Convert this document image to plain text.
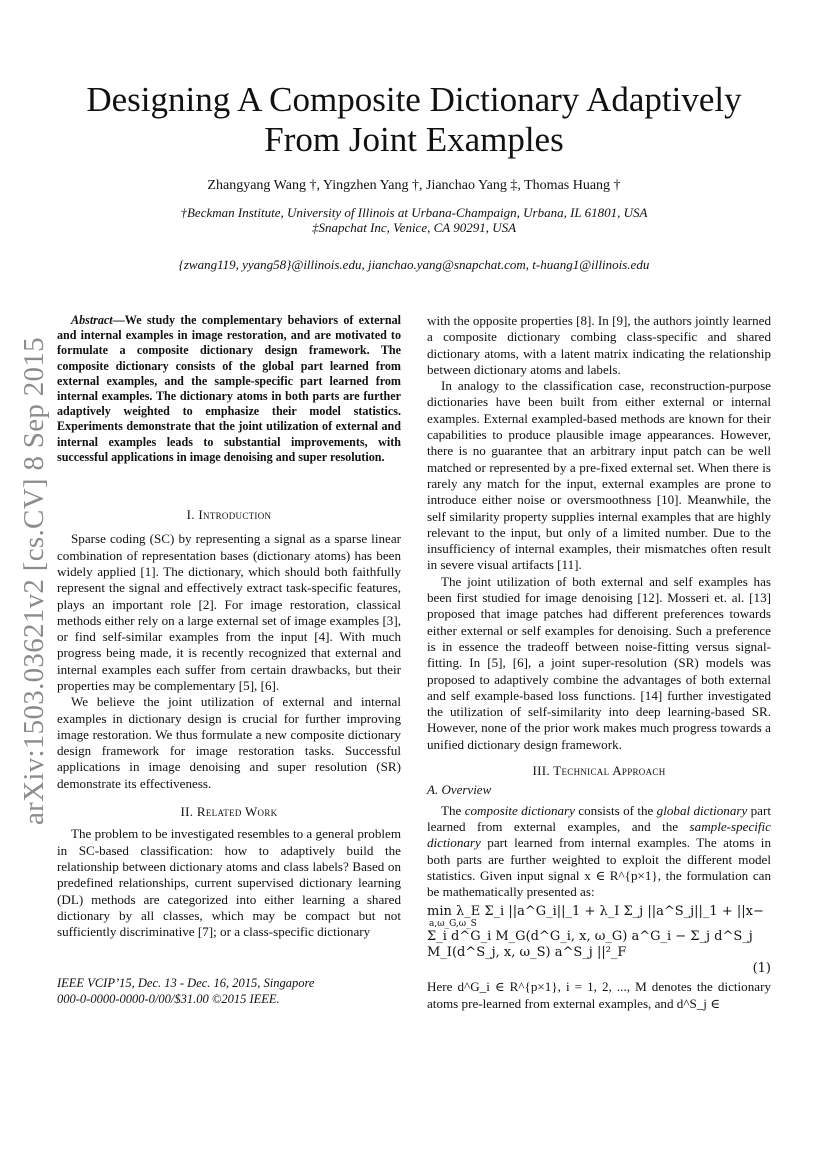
arXiv:1503.03621v2 [cs.CV] 8 Sep 2015
Designing A Composite Dictionary Adaptively
From Joint Examples
Zhangyang Wang †, Yingzhen Yang †, Jianchao Yang ‡, Thomas Huang †
†Beckman Institute, University of Illinois at Urbana-Champaign, Urbana, IL 61801, USA
‡Snapchat Inc, Venice, CA 90291, USA
{zwang119, yyang58}@illinois.edu, jianchao.yang@snapchat.com, t-huang1@illinois.edu

Abstract—We study the complementary behaviors of external and internal examples in image restoration, and are motivated to formulate a composite dictionary design framework. The composite dictionary consists of the global part learned from external examples, and the sample-specific part learned from internal examples. The dictionary atoms in both parts are further adaptively weighted to emphasize their model statistics. Experiments demonstrate that the joint utilization of external and internal examples leads to substantial improvements, with successful applications in image denoising and super resolution.

I. Introduction

Sparse coding (SC) by representing a signal as a sparse linear combination of representation bases (dictionary atoms) has been widely applied [1]. The dictionary, which should both faithfully represent the signal and effectively extract task-specific features, plays an important role [2]. For image restoration, classical methods either rely on a large external set of image examples [3], or find self-similar examples from the input [4]. With much progress being made, it is recently recognized that external and internal examples each suffer from certain drawbacks, but their properties may be complementary [5], [6].

We believe the joint utilization of external and internal examples in dictionary design is crucial for further improving image restoration. We thus formulate a new composite dictionary design framework for image restoration tasks. Successful applications in image denoising and super resolution (SR) demonstrate its effectiveness.

II. Related Work

The problem to be investigated resembles to a general problem in SC-based classification: how to adaptively build the relationship between dictionary atoms and class labels? Based on predefined relationships, current supervised dictionary learning (DL) methods are categorized into either learning a shared dictionary by all classes, which may be compact but not sufficiently discriminative [7]; or a class-specific dictionary

IEEE VCIP’15, Dec. 13 - Dec. 16, 2015, Singapore
000-0-0000-0000-0/00/$31.00 ©2015 IEEE.

with the opposite properties [8]. In [9], the authors jointly learned a composite dictionary combing class-specific and shared dictionary atoms, with a latent matrix indicating the relationship between dictionary atoms and labels.

In analogy to the classification case, reconstruction-purpose dictionaries have been built from either external or internal examples. External exampled-based methods are known for their capabilities to produce plausible image appearances. However, there is no guarantee that an arbitrary input patch can be well matched or represented by a pre-fixed external set. When there is rarely any match for the input, external examples are prone to introduce either noise or oversmoothness [10]. Meanwhile, the self similarity property supplies internal examples that are highly relevant to the input, but only of a limited number. Due to the insufficiency of internal examples, their mismatches often result in severe visual artifacts [11].

The joint utilization of both external and self examples has been first studied for image denoising [12]. Mosseri et. al. [13] proposed that image patches had different preferences towards either external or self examples for denoising. Such a preference is in essence the tradeoff between noise-fitting versus signal-fitting. In [5], [6], a joint super-resolution (SR) models was proposed to adaptively combine the advantages of both external and self example-based loss functions. [14] further investigated the utilization of self-similarity into deep learning-based SR. However, none of the prior work makes much progress towards a unified dictionary design framework.

III. Technical Approach
A. Overview

The composite dictionary consists of the global dictionary part learned from external examples, and the sample-specific dictionary part learned from internal examples. The atoms in both parts are further weighted to exploit the different model statistics. Given input signal x ∈ R^{p×1}, the formulation can be mathematically presented as:

min λ_E Σ_i ||a^G_i||_1 + λ_I Σ_j ||a^S_j||_1 + ||x−
a,ω_G,ω_S
Σ_i d^G_i M_G(d^G_i, x, ω_G) a^G_i − Σ_j d^S_j M_I(d^S_j, x, ω_S) a^S_j ||²_F
(1)

Here d^G_i ∈ R^{p×1}, i = 1, 2, ..., M denotes the dictionary atoms pre-learned from external examples, and d^S_j ∈
